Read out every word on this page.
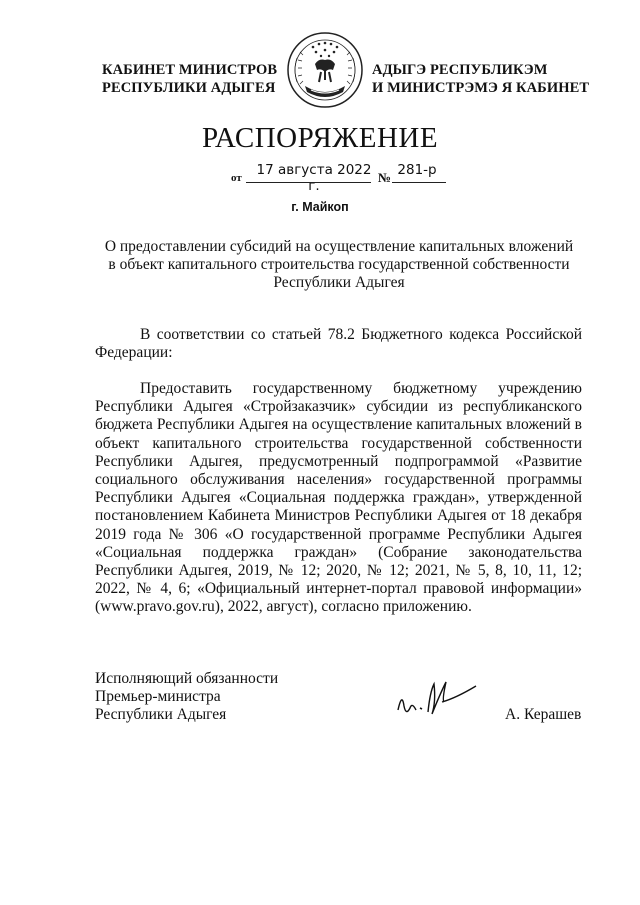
КАБИНЕТ МИНИСТРОВ
РЕСПУБЛИКИ АДЫГЕЯ
АДЫГЭ РЕСПУБЛИКЭМ
И МИНИСТРЭМЭ Я КАБИНЕТ
РАСПОРЯЖЕНИЕ
от	17 августа 2022 г.
№ 281-р
г. Майкоп
О предоставлении субсидий на осуществление капитальных вложений в объект капитального строительства государственной собственности Республики Адыгея

В соответствии со статьей 78.2 Бюджетного кодекса Российской Федерации:

Предоставить государственному бюджетному учреждению Республики Адыгея «Стройзаказчик» субсидии из республиканского бюджета Республики Адыгея на осуществление капитальных вложений в объект капитального строительства государственной собственности Республики Адыгея, предусмотренный подпрограммой «Развитие социального обслуживания населения» государственной программы Республики Адыгея «Социальная поддержка граждан», утвержденной постановлением Кабинета Министров Республики Адыгея от 18 декабря 2019 года № 306 «О государственной программе Республики Адыгея «Социальная поддержка граждан» (Собрание законодательства Республики Адыгея, 2019, № 12; 2020, № 12; 2021, № 5, 8, 10, 11, 12; 2022, № 4, 6; «Официальный интернет-портал правовой информации» (www.pravo.gov.ru), 2022, август), согласно приложению.

Исполняющий обязанности
Премьер-министра
Республики Адыгея	А. Керашев
